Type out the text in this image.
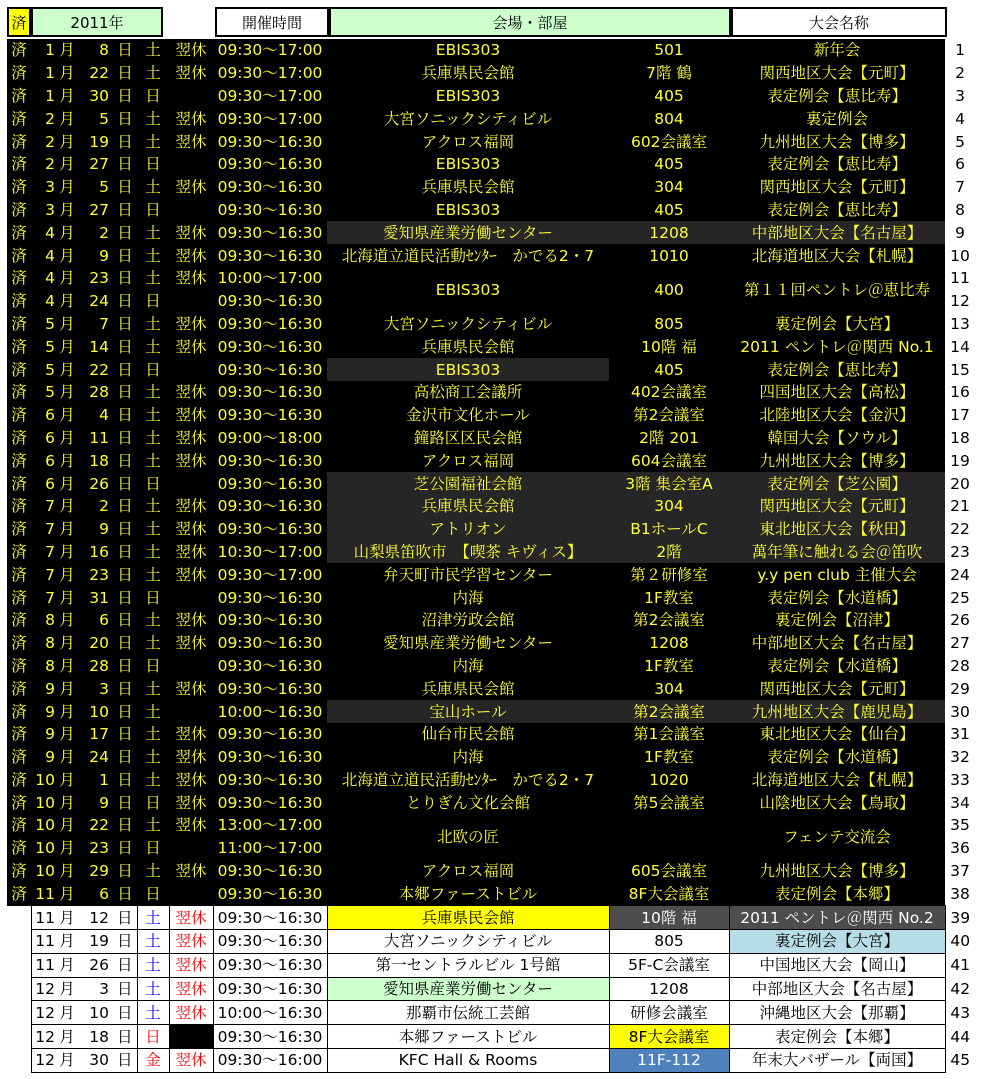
済	2011年	開催時間	会場・部屋	大会名称
済	1	月	8	日	土	翌休	09:30～17:00	EBIS303	501	新年会	1
済	1	月	22	日	土	翌休	09:30～17:00	兵庫県民会館	7階 鶴	関西地区大会【元町】	2
済	1	月	30	日	日		09:30～17:00	EBIS303	405	表定例会【恵比寿】	3
済	2	月	5	日	土	翌休	09:30～17:00	大宮ソニックシティビル	804	裏定例会	4
済	2	月	19	日	土	翌休	09:30～16:30	アクロス福岡	602会議室	九州地区大会【博多】	5
済	2	月	27	日	日		09:30～16:30	EBIS303	405	表定例会【恵比寿】	6
済	3	月	5	日	土	翌休	09:30～16:30	兵庫県民会館	304	関西地区大会【元町】	7
済	3	月	27	日	日		09:30～16:30	EBIS303	405	表定例会【恵比寿】	8
済	4	月	2	日	土	翌休	09:30～16:30	愛知県産業労働センター	1208	中部地区大会【名古屋】	9
済	4	月	9	日	土	翌休	09:30～16:30	北海道立道民活動ｾﾝﾀｰ　かでる2・7	1010	北海道地区大会【札幌】	10
済	4	月	23	日	土	翌休	10:00～17:00	EBIS303	400	第１１回ペントレ＠恵比寿	11
済	4	月	24	日	日		09:30～16:30				12
済	5	月	7	日	土	翌休	09:30～16:30	大宮ソニックシティビル	805	裏定例会【大宮】	13
済	5	月	14	日	土	翌休	09:30～16:30	兵庫県民会館	10階 福	2011 ペントレ＠関西 No.1	14
済	5	月	22	日	日		09:30～16:30	EBIS303	405	表定例会【恵比寿】	15
済	5	月	28	日	土	翌休	09:30～16:30	高松商工会議所	402会議室	四国地区大会【高松】	16
済	6	月	4	日	土	翌休	09:30～16:30	金沢市文化ホール	第2会議室	北陸地区大会【金沢】	17
済	6	月	11	日	土	翌休	09:00～18:00	鐘路区区民会館	2階 201	韓国大会【ソウル】	18
済	6	月	18	日	土	翌休	09:30～16:30	アクロス福岡	604会議室	九州地区大会【博多】	19
済	6	月	26	日	日		09:30～16:30	芝公園福祉会館	3階 集会室A	表定例会【芝公園】	20
済	7	月	2	日	土	翌休	09:30～16:30	兵庫県民会館	304	関西地区大会【元町】	21
済	7	月	9	日	土	翌休	09:30～16:30	アトリオン	B1ホールC	東北地区大会【秋田】	22
済	7	月	16	日	土	翌休	10:30～17:00	山梨県笛吹市　【喫茶 キヴィス】	2階	萬年筆に触れる会＠笛吹	23
済	7	月	23	日	土	翌休	09:30～17:00	弁天町市民学習センター	第２研修室	y.y pen club 主催大会	24
済	7	月	31	日	日		09:30～16:30	内海	1F教室	表定例会【水道橋】	25
済	8	月	6	日	土	翌休	09:30～16:30	沼津労政会館	第2会議室	裏定例会【沼津】	26
済	8	月	20	日	土	翌休	09:30～16:30	愛知県産業労働センター	1208	中部地区大会【名古屋】	27
済	8	月	28	日	日		09:30～16:30	内海	1F教室	表定例会【水道橋】	28
済	9	月	3	日	土	翌休	09:30～16:30	兵庫県民会館	304	関西地区大会【元町】	29
済	9	月	10	日	土		10:00～16:30	宝山ホール	第2会議室	九州地区大会【鹿児島】	30
済	9	月	17	日	土	翌休	09:30～16:30	仙台市民会館	第1会議室	東北地区大会【仙台】	31
済	9	月	24	日	土	翌休	09:30～16:30	内海	1F教室	表定例会【水道橋】	32
済	10	月	1	日	土	翌休	09:30～16:30	北海道立道民活動ｾﾝﾀｰ　かでる2・7	1020	北海道地区大会【札幌】	33
済	10	月	9	日	日	翌休	09:30～16:30	とりぎん文化会館	第5会議室	山陰地区大会【鳥取】	34
済	10	月	22	日	土	翌休	13:00～17:00	北欧の匠		フェンテ交流会	35
済	10	月	23	日	日		11:00～17:00				36
済	10	月	29	日	土	翌休	09:30～16:30	アクロス福岡	605会議室	九州地区大会【博多】	37
済	11	月	6	日	日		09:30～16:30	本郷ファーストビル	8F大会議室	表定例会【本郷】	38
	11	月	12	日	土	翌休	09:30～16:30	兵庫県民会館	10階 福	2011 ペントレ＠関西 No.2	39
	11	月	19	日	土	翌休	09:30～16:30	大宮ソニックシティビル	805	裏定例会【大宮】	40
	11	月	26	日	土	翌休	09:30～16:30	第一セントラルビル 1号館	5F-C会議室	中国地区大会【岡山】	41
	12	月	3	日	土	翌休	09:30～16:30	愛知県産業労働センター	1208	中部地区大会【名古屋】	42
	12	月	10	日	土	翌休	10:00～16:30	那覇市伝統工芸館	研修会議室	沖縄地区大会【那覇】	43
	12	月	18	日	日		09:30～16:30	本郷ファーストビル	8F大会議室	表定例会【本郷】	44
	12	月	30	日	金	翌休	09:30～16:00	KFC Hall & Rooms	11F-112	年末大バザール【両国】	45
